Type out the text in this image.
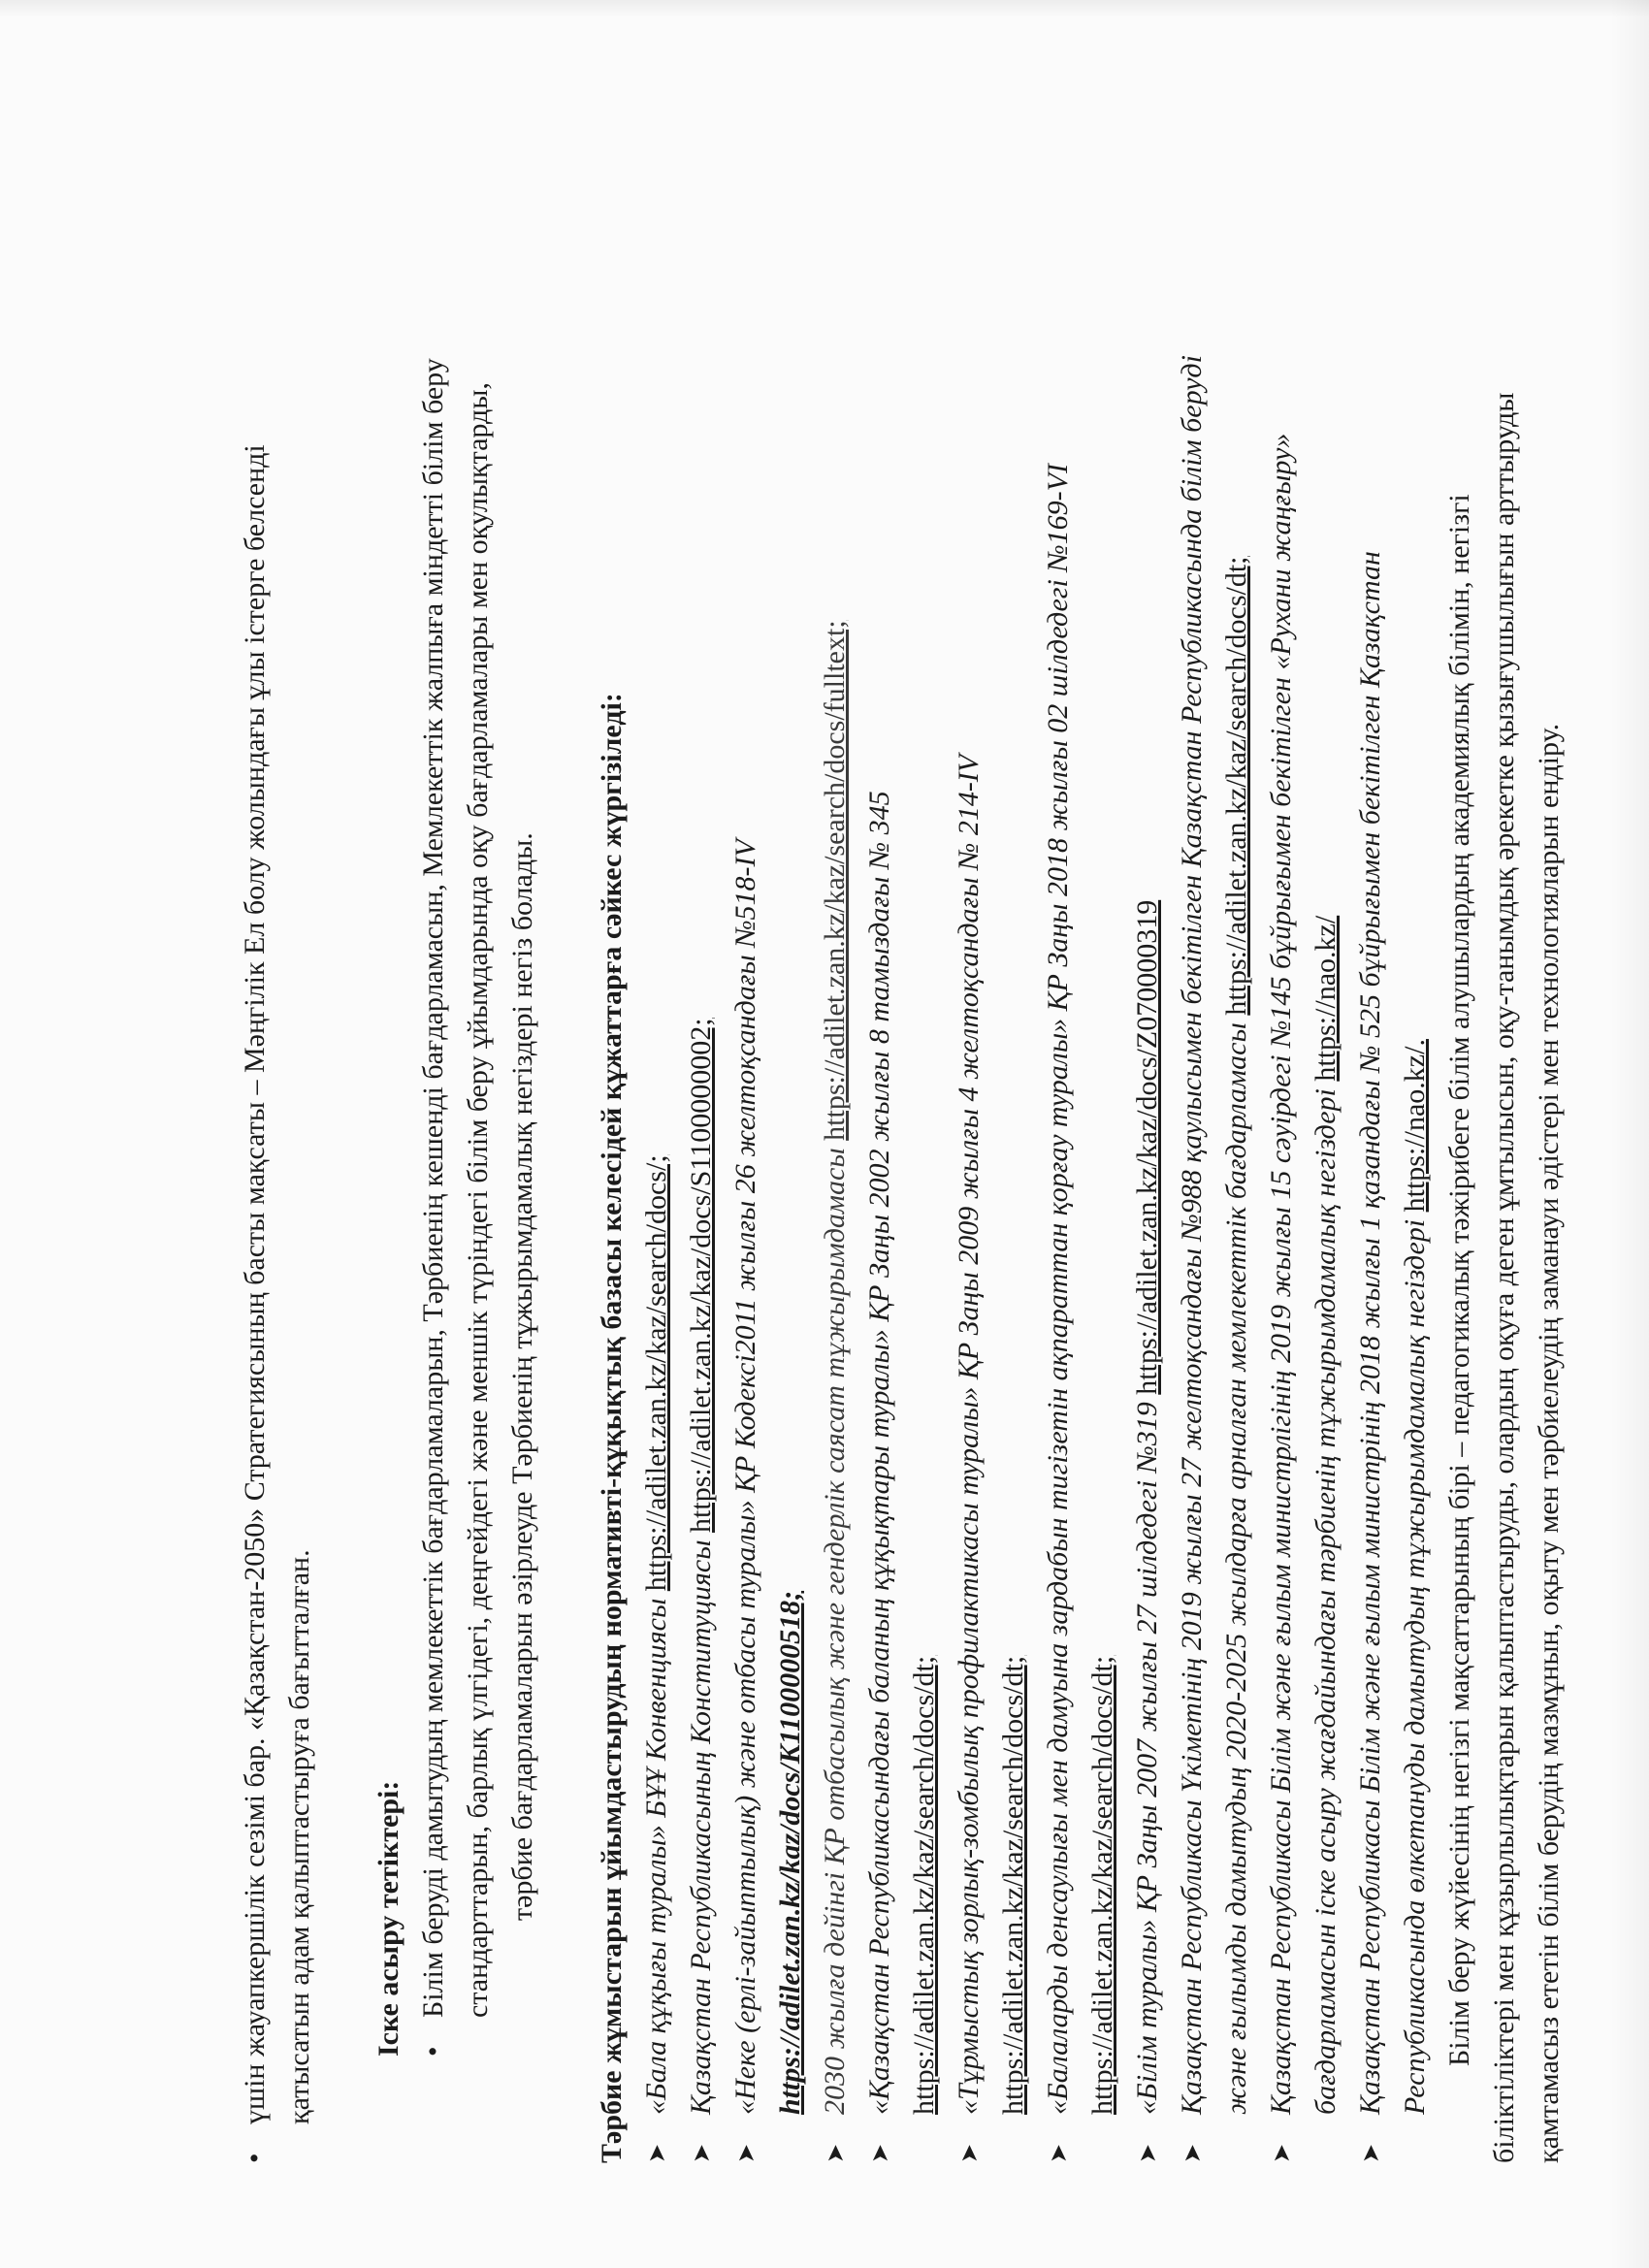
•
үшін жауапкершілік сезімі бар. «Қазақстан-2050» Стратегиясының басты мақсаты – Мәңгілік Ел болу жолындағы ұлы істерге белсенді қатысатын адам қалыптастыруға бағытталған. Іске асыру тетіктері: •
Білім беруді дамытудың мемлекеттік бағдарламаларын, Тәрбиенің кешенді бағдарламасын, Мемлекеттік жалпыға міндетті білім беру стандарттарын, барлық үлгідегі, деңгейдегі және меншік түріндегі білім беру ұйымдарында оқу бағдарламалары мен оқулықтарды, тәрбие бағдарламаларын әзірлеуде Тәрбиенің тұжырымдамалық негіздері негіз болады. Тәрбие жұмыстарын ұйымдастырудың нормативті-құқықтық базасы келесідей құжаттарға сәйкес жүргізіледі: ➤
«Бала құқығы туралы» БҰҰ Конвенциясы https://adilet.zan.kz/kaz/search/docs/;
➤
Қазақстан Республикасының Конституциясы https://adilet.zan.kz/kaz/docs/S1100000002;
➤
«Неке (ерлі-зайыптылық) және отбасы туралы» ҚР Кодексі2011 жылғы 26 желтоқсандағы №518-IV https://adilet.zan.kz/kaz/docs/K1100000518;
➤
2030 жылға дейінгі ҚР отбасылық және гендерлік саясат тұжырымдамасы https://adilet.zan.kz/kaz/search/docs/fulltext;
➤
«Қазақстан Республикасындағы баланың құқықтары туралы» ҚР Заңы 2002 жылғы 8 тамыздағы № 345 https://adilet.zan.kz/kaz/search/docs/dt;
➤
«Тұрмыстық зорлық-зомбылық профилактикасы туралы» ҚР Заңы 2009 жылғы 4 желтоқсандағы № 214-IV https://adilet.zan.kz/kaz/search/docs/dt;
➤
«Балаларды денсаулығы мен дамуына зардабын тигізетін ақпараттан қорғау туралы» ҚР Заңы 2018 жылғы 02 шілдедегі №169-VI https://adilet.zan.kz/kaz/search/docs/dt;
➤
«Білім туралы» ҚР Заңы 2007 жылғы 27 шілдедегі №319 https://adilet.zan.kz/kaz/docs/Z070000319
➤
Қазақстан Республикасы Үкіметінің 2019 жылғы 27 желтоқсандағы №988 қаулысымен бекітілген Қазақстан Республикасында білім беруді және ғылымды дамытудың 2020-2025 жылдарға арналған мемлекеттік бағдарламасы https://adilet.zan.kz/kaz/search/docs/dt;
➤
Қазақстан Республикасы Білім және ғылым министрлігінің 2019 жылғы 15 сәуірдегі №145 бұйрығымен бекітілген «Рухани жаңғыру» бағдарламасын іске асыру жағдайындағы тәрбиенің тұжырымдамалық негіздері https://nao.kz/
➤
Қазақстан Республикасы Білім және ғылым министрінің 2018 жылғы 1 қазандағы № 525 бұйрығымен бекітілген Қазақстан Республикасында өлкетануды дамытудың тұжырымдамалық негіздері https://nao.kz/. Білім беру жүйесінің негізгі мақсаттарының бірі – педагогикалық тәжірибеге білім алушылардың академиялық білімін, негізгі біліктіліктері мен құзырлылықтарын қалыптастыруды, олардың оқуға деген ұмтылысын, оқу-танымдық әрекетке қызығушылығын арттыруды қамтамасыз ететін білім берудің мазмұнын, оқыту мен тәрбиелеудің заманауи әдістері мен технологияларын ендіру.
